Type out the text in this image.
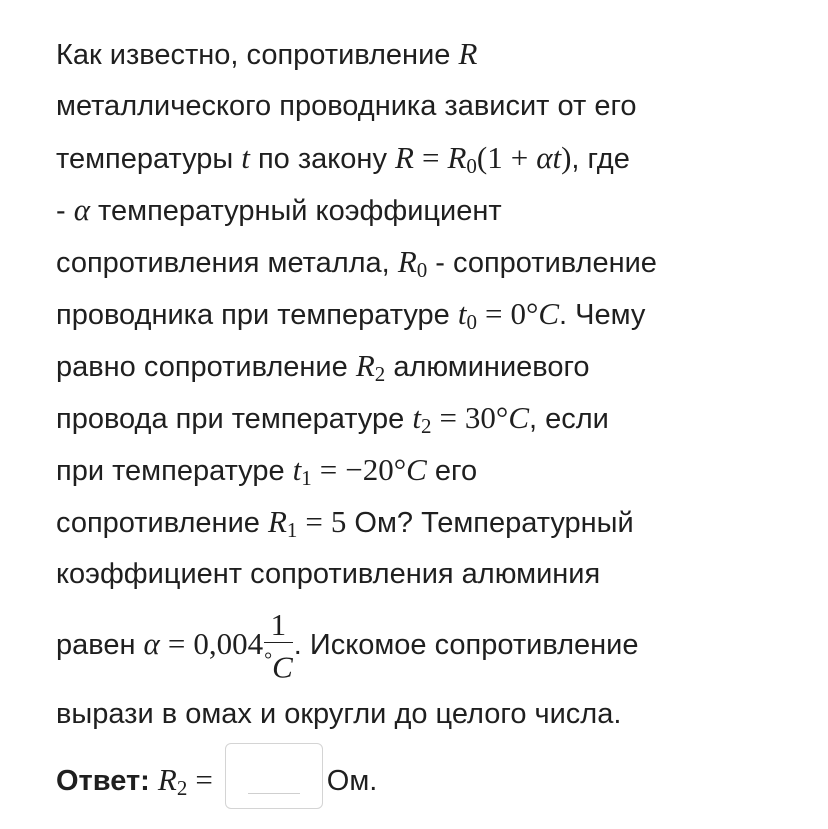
Как известно, сопротивление R
металлического проводника зависит от его
температуры t по закону $R = R_0(1 + \alpha t)$, где
- α температурный коэффициент
сопротивления металла, $R_0$ - сопротивление
проводника при температуре $t_0 = 0^\circ C$. Чему
равно сопротивление $R_2$ алюминиевого
провода при температуре $t_2 = 30^\circ C$, если
при температуре $t_1 = -20^\circ C$ его
сопротивление $R_1 = 5$ Ом? Температурный
коэффициент сопротивления алюминия
равен $\alpha = 0,004 \frac{1}{^\circ C}$ . Искомое сопротивление
вырази в омах и округли до целого числа.
Ответ: $R_2$ =	Ом.
